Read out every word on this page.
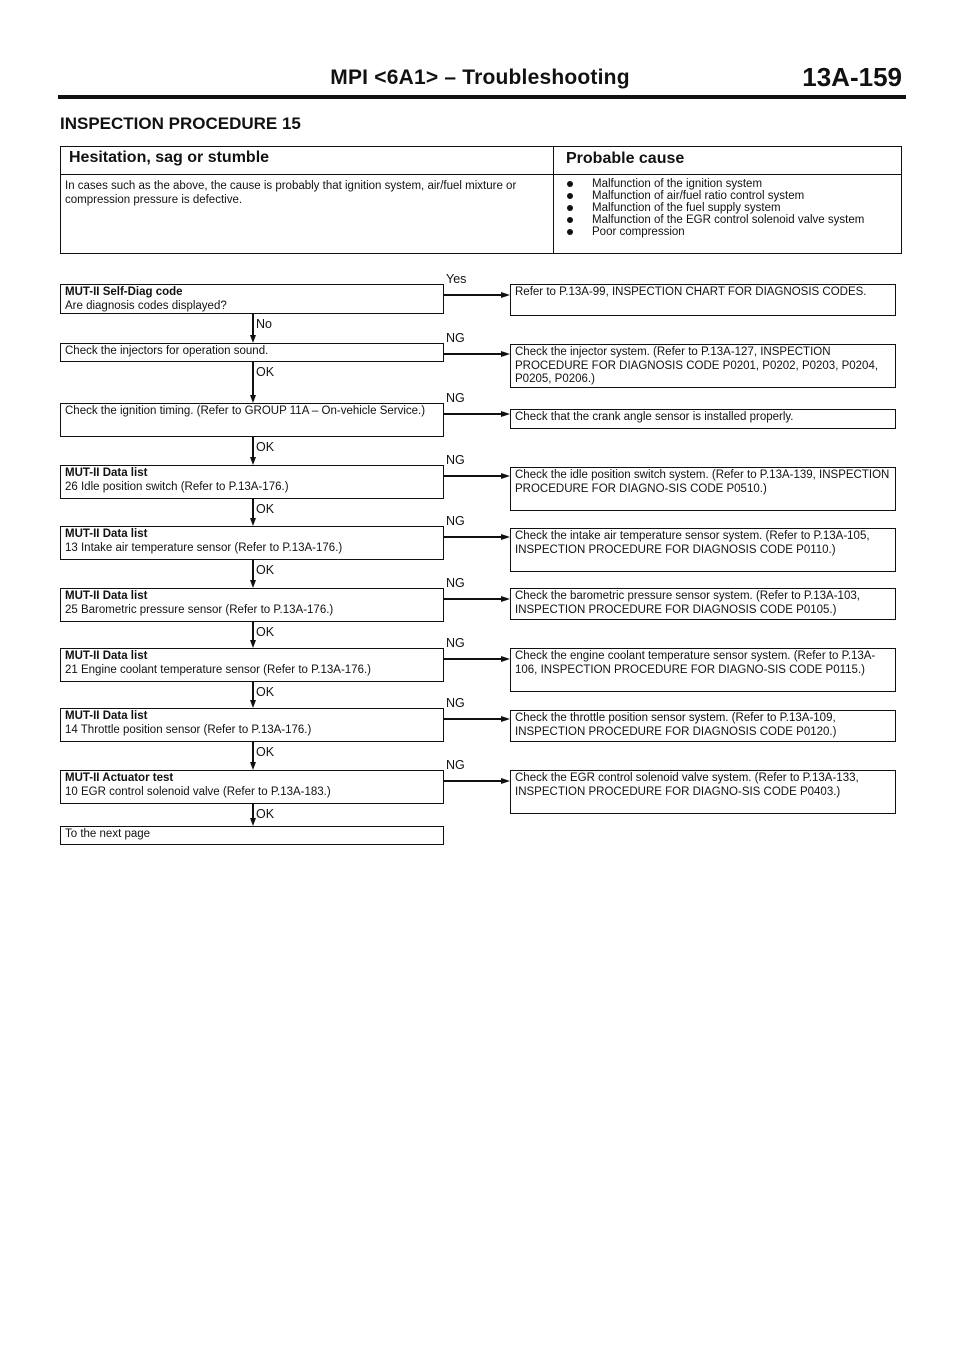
MPI <6A1> – Troubleshooting	13A-159
INSPECTION PROCEDURE 15
Hesitation, sag or stumble	Probable cause
In cases such as the above, the cause is probably that ignition system, air/fuel mixture or compression pressure is defective.
Malfunction of the ignition system
Malfunction of air/fuel ratio control system
Malfunction of the fuel supply system
Malfunction of the EGR control solenoid valve system
Poor compression
MUT-II Self-Diag code
Are diagnosis codes displayed?
Refer to P.13A-99, INSPECTION CHART FOR DIAGNOSIS CODES.
Yes
No
Check the injectors for operation sound.	Check the injector system. (Refer to P.13A-127, INSPECTION PROCEDURE FOR DIAGNOSIS CODE P0201, P0202, P0203, P0204, P0205, P0206.)
NG
OK
Check the ignition timing. (Refer to GROUP 11A – On-vehicle Service.)	Check that the crank angle sensor is installed properly.
NG
OK
MUT-II Data list
26 Idle position switch (Refer to P.13A-176.)
Check the idle position switch system. (Refer to P.13A-139, INSPECTION PROCEDURE FOR DIAGNO-SIS CODE P0510.)
NG
OK
MUT-II Data list
13 Intake air temperature sensor (Refer to P.13A-176.)
Check the intake air temperature sensor system. (Refer to P.13A-105, INSPECTION PROCEDURE FOR DIAGNOSIS CODE P0110.)
NG
OK
MUT-II Data list
25 Barometric pressure sensor (Refer to P.13A-176.)
Check the barometric pressure sensor system. (Refer to P.13A-103, INSPECTION PROCEDURE FOR DIAGNOSIS CODE P0105.)
NG
OK
MUT-II Data list
21 Engine coolant temperature sensor (Refer to P.13A-176.)
Check the engine coolant temperature sensor system. (Refer to P.13A-106, INSPECTION PROCEDURE FOR DIAGNO-SIS CODE P0115.)
NG
OK
MUT-II Data list
14 Throttle position sensor (Refer to P.13A-176.)
Check the throttle position sensor system. (Refer to P.13A-109, INSPECTION PROCEDURE FOR DIAGNOSIS CODE P0120.)
NG
OK
MUT-II Actuator test
10 EGR control solenoid valve (Refer to P.13A-183.)
Check the EGR control solenoid valve system. (Refer to P.13A-133, INSPECTION PROCEDURE FOR DIAGNO-SIS CODE P0403.)
NG
OK
To the next page
